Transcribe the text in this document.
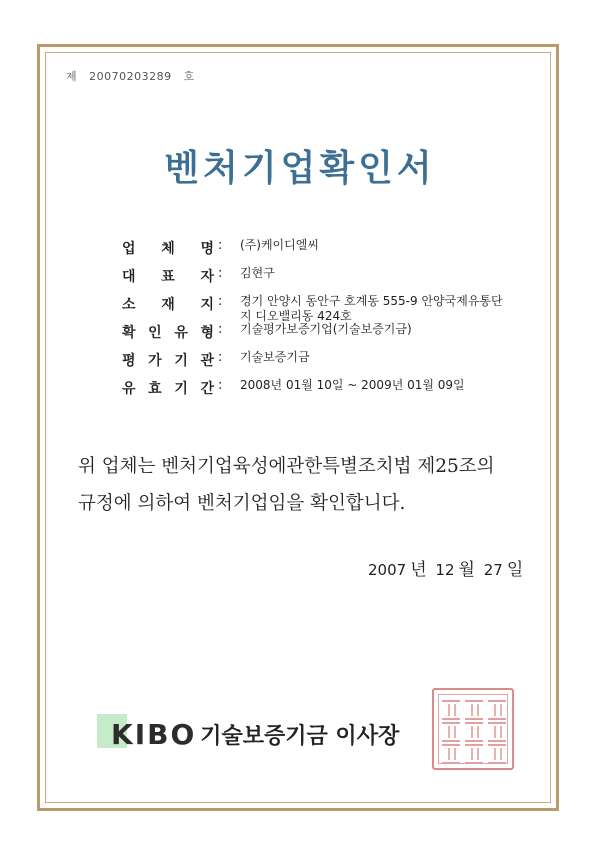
제 20070203289 호
벤처기업확인서
업 체 명 : (주)케이디엘씨
대 표 자 : 김현구
소 재 지 : 경기 안양시 동안구 호계동 555-9 안양국제유통단
지 디오밸리동 424호
확 인 유 형 : 기술평가보증기업(기술보증기금)
평 가 기 관 : 기술보증기금
유 효 기 간 : 2008년 01월 10일 ~ 2009년 01월 09일
위 업체는 벤처기업육성에관한특별조치법 제25조의
규정에 의하여 벤처기업임을 확인합니다.
2007 년 12 월 27 일
KIBO 기술보증기금 이사장
